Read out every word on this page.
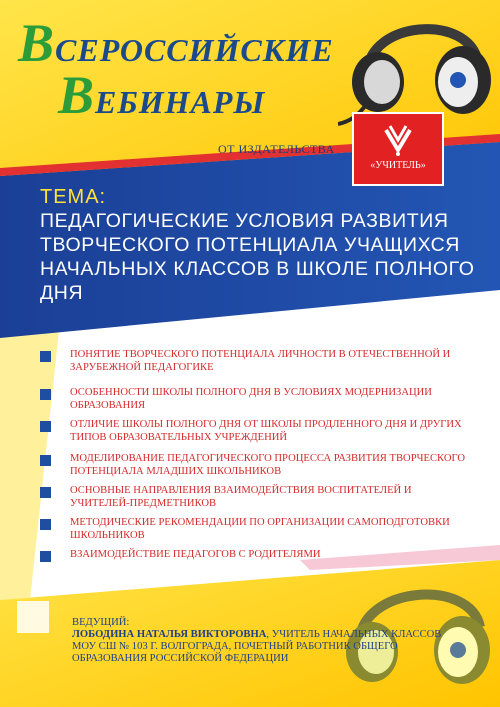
ВСЕРОССИЙСКИЕ
ВЕБИНАРЫ
ОТ ИЗДАТЕЛЬСТВА
«УЧИТЕЛЬ»
ТЕМА:
ПЕДАГОГИЧЕСКИЕ УСЛОВИЯ РАЗВИТИЯ ТВОРЧЕСКОГО ПОТЕНЦИАЛА УЧАЩИХСЯ НАЧАЛЬНЫХ КЛАССОВ В ШКОЛЕ ПОЛНОГО ДНЯ
ПОНЯТИЕ ТВОРЧЕСКОГО ПОТЕНЦИАЛА ЛИЧНОСТИ В ОТЕЧЕСТВЕННОЙ И ЗАРУБЕЖНОЙ ПЕДАГОГИКЕ
ОСОБЕННОСТИ ШКОЛЫ ПОЛНОГО ДНЯ В УСЛОВИЯХ МОДЕРНИЗАЦИИ ОБРАЗОВАНИЯ
ОТЛИЧИЕ ШКОЛЫ ПОЛНОГО ДНЯ ОТ ШКОЛЫ ПРОДЛЕННОГО ДНЯ И ДРУГИХ ТИПОВ ОБРАЗОВАТЕЛЬНЫХ УЧРЕЖДЕНИЙ
МОДЕЛИРОВАНИЕ ПЕДАГОГИЧЕСКОГО ПРОЦЕССА РАЗВИТИЯ ТВОРЧЕСКОГО ПОТЕНЦИАЛА МЛАДШИХ ШКОЛЬНИКОВ
ОСНОВНЫЕ НАПРАВЛЕНИЯ ВЗАИМОДЕЙСТВИЯ ВОСПИТАТЕЛЕЙ И УЧИТЕЛЕЙ-ПРЕДМЕТНИКОВ
МЕТОДИЧЕСКИЕ РЕКОМЕНДАЦИИ ПО ОРГАНИЗАЦИИ САМОПОДГОТОВКИ ШКОЛЬНИКОВ
ВЗАИМОДЕЙСТВИЕ ПЕДАГОГОВ С РОДИТЕЛЯМИ
ВЕДУЩИЙ:
ЛОБОДИНА НАТАЛЬЯ ВИКТОРОВНА, УЧИТЕЛЬ НАЧАЛЬНЫХ КЛАССОВ МОУ СШ № 103 Г. ВОЛГОГРАДА, ПОЧЕТНЫЙ РАБОТНИК ОБЩЕГО ОБРАЗОВАНИЯ РОССИЙСКОЙ ФЕДЕРАЦИИ
